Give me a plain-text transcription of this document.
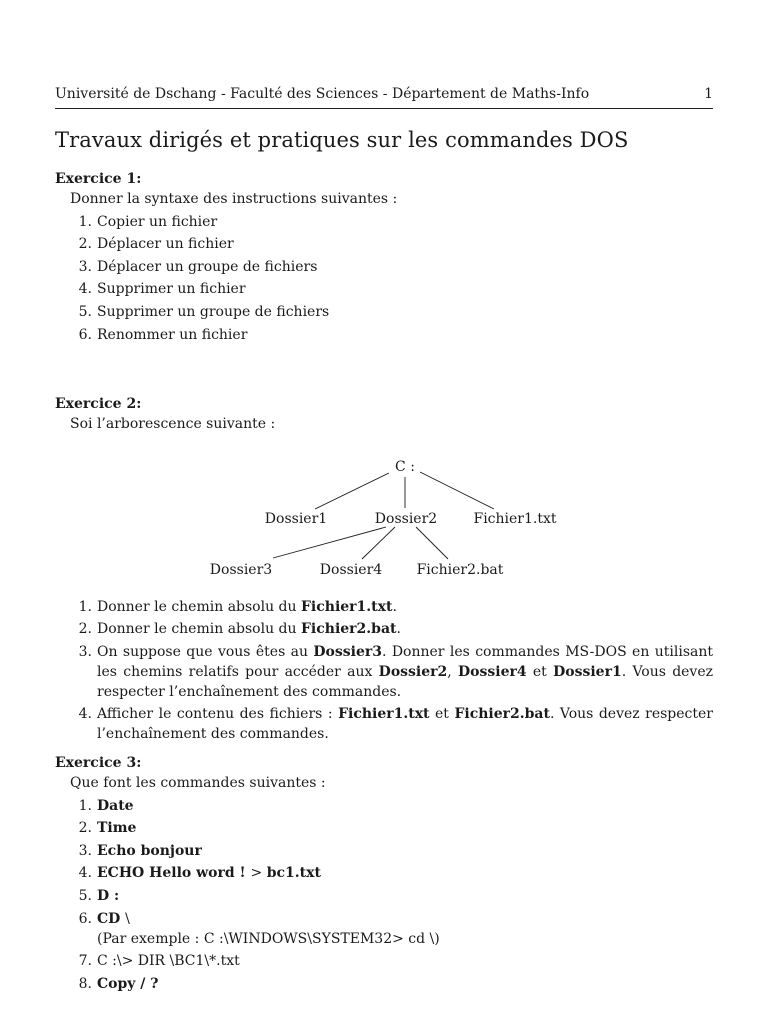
Université de Dschang - Faculté des Sciences - Département de Maths-Info	1
Travaux dirigés et pratiques sur les commandes DOS
Exercice 1:
Donner la syntaxe des instructions suivantes :
1. Copier un fichier
2. Déplacer un fichier
3. Déplacer un groupe de fichiers
4. Supprimer un fichier
5. Supprimer un groupe de fichiers
6. Renommer un fichier
Exercice 2:
Soi l’arborescence suivante :
C :
Dossier1	Dossier2	Fichier1.txt
Dossier3	Dossier4 Fichier2.bat
1. Donner le chemin absolu du Fichier1.txt.
2. Donner le chemin absolu du Fichier2.bat.
3. On suppose que vous êtes au Dossier3. Donner les commandes MS-DOS en utilisant les chemins relatifs pour accéder aux Dossier2, Dossier4 et Dossier1. Vous devez respecter l’enchaînement des commandes.
4. Afficher le contenu des fichiers : Fichier1.txt et Fichier2.bat. Vous devez respecter l’enchaînement des commandes.
Exercice 3:
Que font les commandes suivantes :
1. Date
2. Time
3. Echo bonjour
4. ECHO Hello word ! > bc1.txt
5. D :
6. CD \
(Par exemple : C :\WINDOWS\SYSTEM32> cd \)
7. C :\> DIR \BC1\*.txt
8. Copy / ?
